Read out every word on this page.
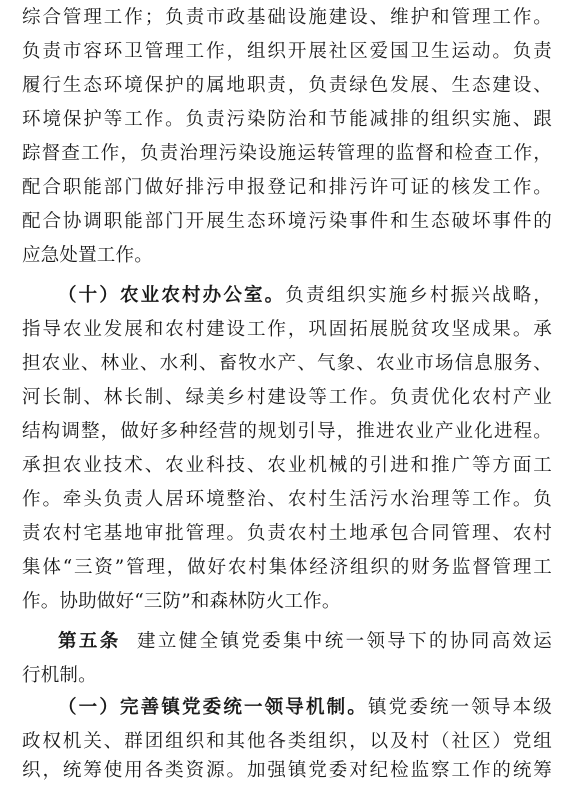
综合管理工作；负责市政基础设施建设、维护和管理工作。
负责市容环卫管理工作，组织开展社区爱国卫生运动。负责
履行生态环境保护的属地职责，负责绿色发展、生态建设、
环境保护等工作。负责污染防治和节能减排的组织实施、跟
踪督查工作，负责治理污染设施运转管理的监督和检查工作，
配合职能部门做好排污申报登记和排污许可证的核发工作。
配合协调职能部门开展生态环境污染事件和生态破坏事件的
应急处置工作。
（十）农业农村办公室。负责组织实施乡村振兴战略，
指导农业发展和农村建设工作，巩固拓展脱贫攻坚成果。承
担农业、林业、水利、畜牧水产、气象、农业市场信息服务、
河长制、林长制、绿美乡村建设等工作。负责优化农村产业
结构调整，做好多种经营的规划引导，推进农业产业化进程。
承担农业技术、农业科技、农业机械的引进和推广等方面工
作。牵头负责人居环境整治、农村生活污水治理等工作。负
责农村宅基地审批管理。负责农村土地承包合同管理、农村
集体“三资”管理，做好农村集体经济组织的财务监督管理工
作。协助做好“三防”和森林防火工作。
第五条  建立健全镇党委集中统一领导下的协同高效运
行机制。
（一）完善镇党委统一领导机制。镇党委统一领导本级
政权机关、群团组织和其他各类组织，以及村（社区）党组
织，统筹使用各类资源。加强镇党委对纪检监察工作的统筹
